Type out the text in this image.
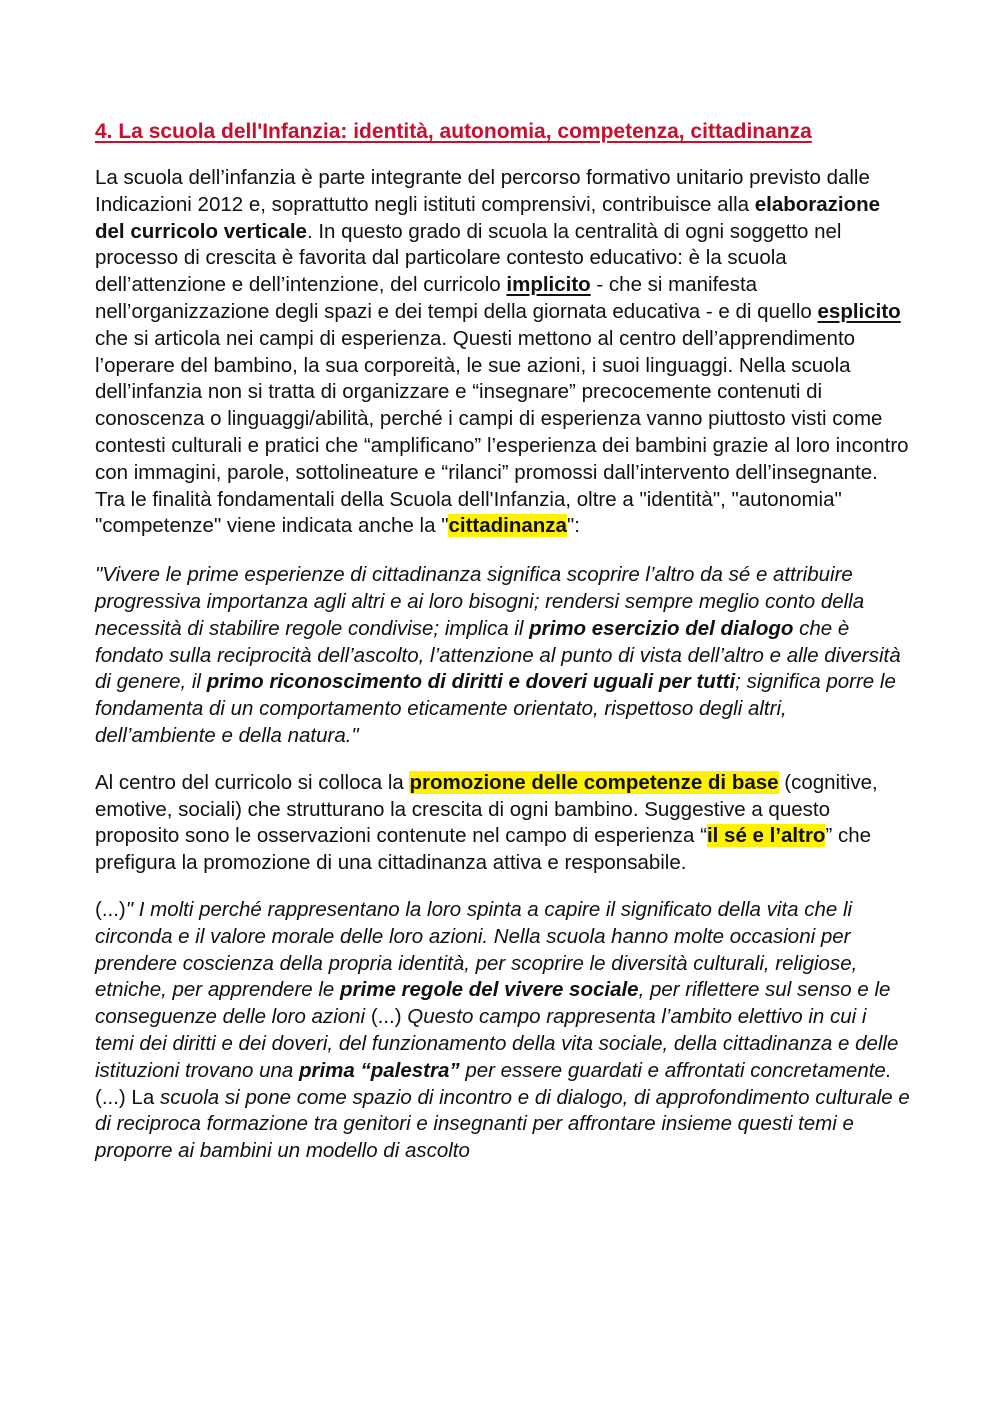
4. La scuola dell'Infanzia: identità, autonomia, competenza, cittadinanza

La scuola dell’infanzia è parte integrante del percorso formativo unitario previsto dalle Indicazioni 2012 e, soprattutto negli istituti comprensivi, contribuisce alla elaborazione del curricolo verticale. In questo grado di scuola la centralità di ogni soggetto nel processo di crescita è favorita dal particolare contesto educativo: è la scuola dell’attenzione e dell’intenzione, del curricolo implicito - che si manifesta nell’organizzazione degli spazi e dei tempi della giornata educativa - e di quello esplicito che si articola nei campi di esperienza. Questi mettono al centro dell’apprendimento l’operare del bambino, la sua corporeità, le sue azioni, i suoi linguaggi. Nella scuola dell’infanzia non si tratta di organizzare e “insegnare” precocemente contenuti di conoscenza o linguaggi/abilità, perché i campi di esperienza vanno piuttosto visti come contesti culturali e pratici che “amplificano” l’esperienza dei bambini grazie al loro incontro con immagini, parole, sottolineature e “rilanci” promossi dall’intervento dell’insegnante. Tra le finalità fondamentali della Scuola dell'Infanzia, oltre a "identità", "autonomia" "competenze" viene indicata anche la "cittadinanza":

"Vivere le prime esperienze di cittadinanza significa scoprire l’altro da sé e attribuire progressiva importanza agli altri e ai loro bisogni; rendersi sempre meglio conto della necessità di stabilire regole condivise; implica il primo esercizio del dialogo che è fondato sulla reciprocità dell’ascolto, l’attenzione al punto di vista dell’altro e alle diversità di genere, il primo riconoscimento di diritti e doveri uguali per tutti; significa porre le fondamenta di un comportamento eticamente orientato, rispettoso degli altri, dell’ambiente e della natura."

Al centro del curricolo si colloca la promozione delle competenze di base (cognitive, emotive, sociali) che strutturano la crescita di ogni bambino. Suggestive a questo proposito sono le osservazioni contenute nel campo di esperienza “il sé e l’altro” che prefigura la promozione di una cittadinanza attiva e responsabile.

(...)" I molti perché rappresentano la loro spinta a capire il significato della vita che li circonda e il valore morale delle loro azioni. Nella scuola hanno molte occasioni per prendere coscienza della propria identità, per scoprire le diversità culturali, religiose, etniche, per apprendere le prime regole del vivere sociale, per riflettere sul senso e le conseguenze delle loro azioni (...) Questo campo rappresenta l’ambito elettivo in cui i temi dei diritti e dei doveri, del funzionamento della vita sociale, della cittadinanza e delle istituzioni trovano una prima “palestra” per essere guardati e affrontati concretamente.(...) La scuola si pone come spazio di incontro e di dialogo, di approfondimento culturale e di reciproca formazione tra genitori e insegnanti per affrontare insieme questi temi e proporre ai bambini un modello di ascolto
